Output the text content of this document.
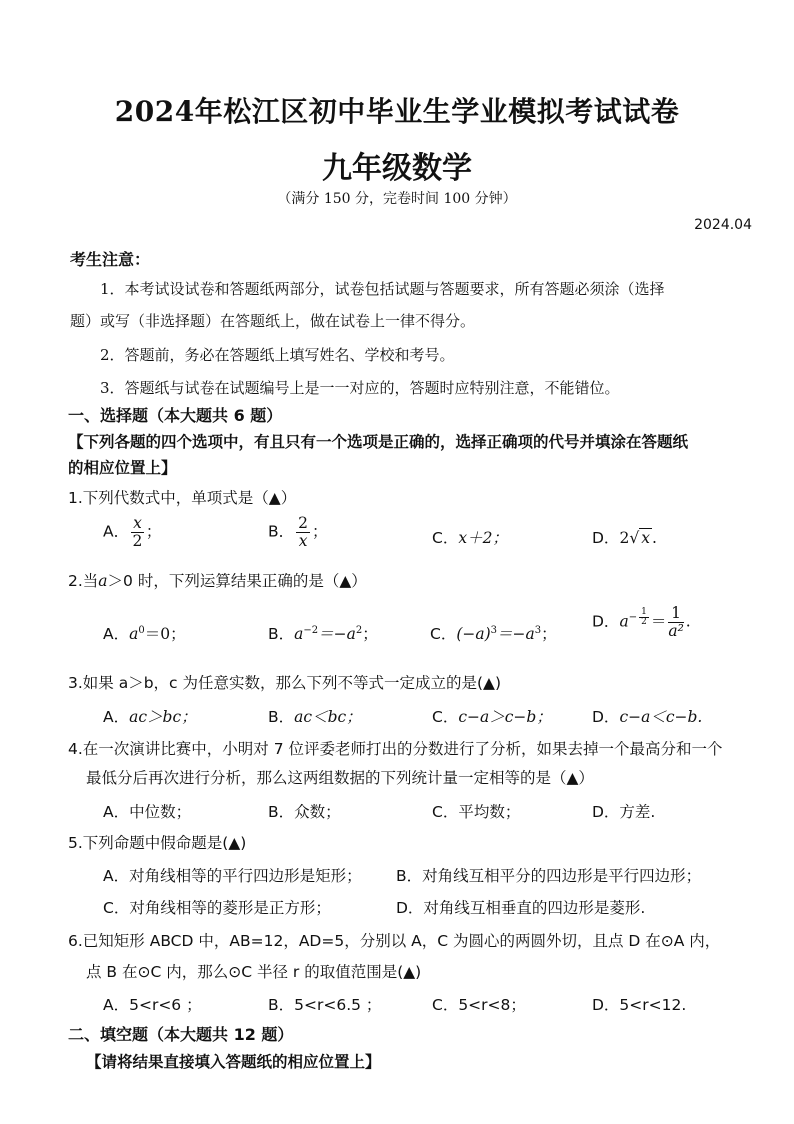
2024年松江区初中毕业生学业模拟考试试卷
九年级数学
（满分 150 分，完卷时间 100 分钟）
2024.04
考生注意：
1．本考试设试卷和答题纸两部分，试卷包括试题与答题要求，所有答题必须涂（选择
题）或写（非选择题）在答题纸上，做在试卷上一律不得分。
2．答题前，务必在答题纸上填写姓名、学校和考号。
3．答题纸与试卷在试题编号上是一一对应的，答题时应特别注意，不能错位。
一、选择题（本大题共 6 题）
【下列各题的四个选项中，有且只有一个选项是正确的，选择正确项的代号并填涂在答题纸
的相应位置上】
1.下列代数式中，单项式是（▲）
A． $\frac{x}{2}$ ；	B． $\frac{2}{x}$ ；	C．x＋2；	D．2√ x .
2.当a＞0 时，下列运算结果正确的是（▲）
A．$a^0=0$；	B．$a^{-2}=-a^2$；	C．$(-a)^3=-a^3$；
D．$a^{- \frac{1}{2}} = \frac{1}{\text{a²}}$ .
3.如果 a＞b，c 为任意实数，那么下列不等式一定成立的是(▲)
A．ac＞bc；	B．ac＜bc；	C．c−a＞c−b；	D．c−a＜c−b.
4.在一次演讲比赛中，小明对 7 位评委老师打出的分数进行了分析，如果去掉一个最高分和一个
最低分后再次进行分析，那么这两组数据的下列统计量一定相等的是（▲）
A．中位数；	B．众数；	C．平均数；	D．方差.
5.下列命题中假命题是(▲)
A．对角线相等的平行四边形是矩形； B．对角线互相平分的四边形是平行四边形；
C．对角线相等的菱形是正方形；	D．对角线互相垂直的四边形是菱形.
6.已知矩形 ABCD 中，AB=12，AD=5，分别以 A，C 为圆心的两圆外切，且点 D 在⊙A 内，
点 B 在⊙C 内，那么⊙C 半径 r 的取值范围是(▲)
A．5<r<6 ；	B．5<r<6.5 ；	C．5<r<8；	D．5<r<12.
二、填空题（本大题共 12 题）
【请将结果直接填入答题纸的相应位置上】
